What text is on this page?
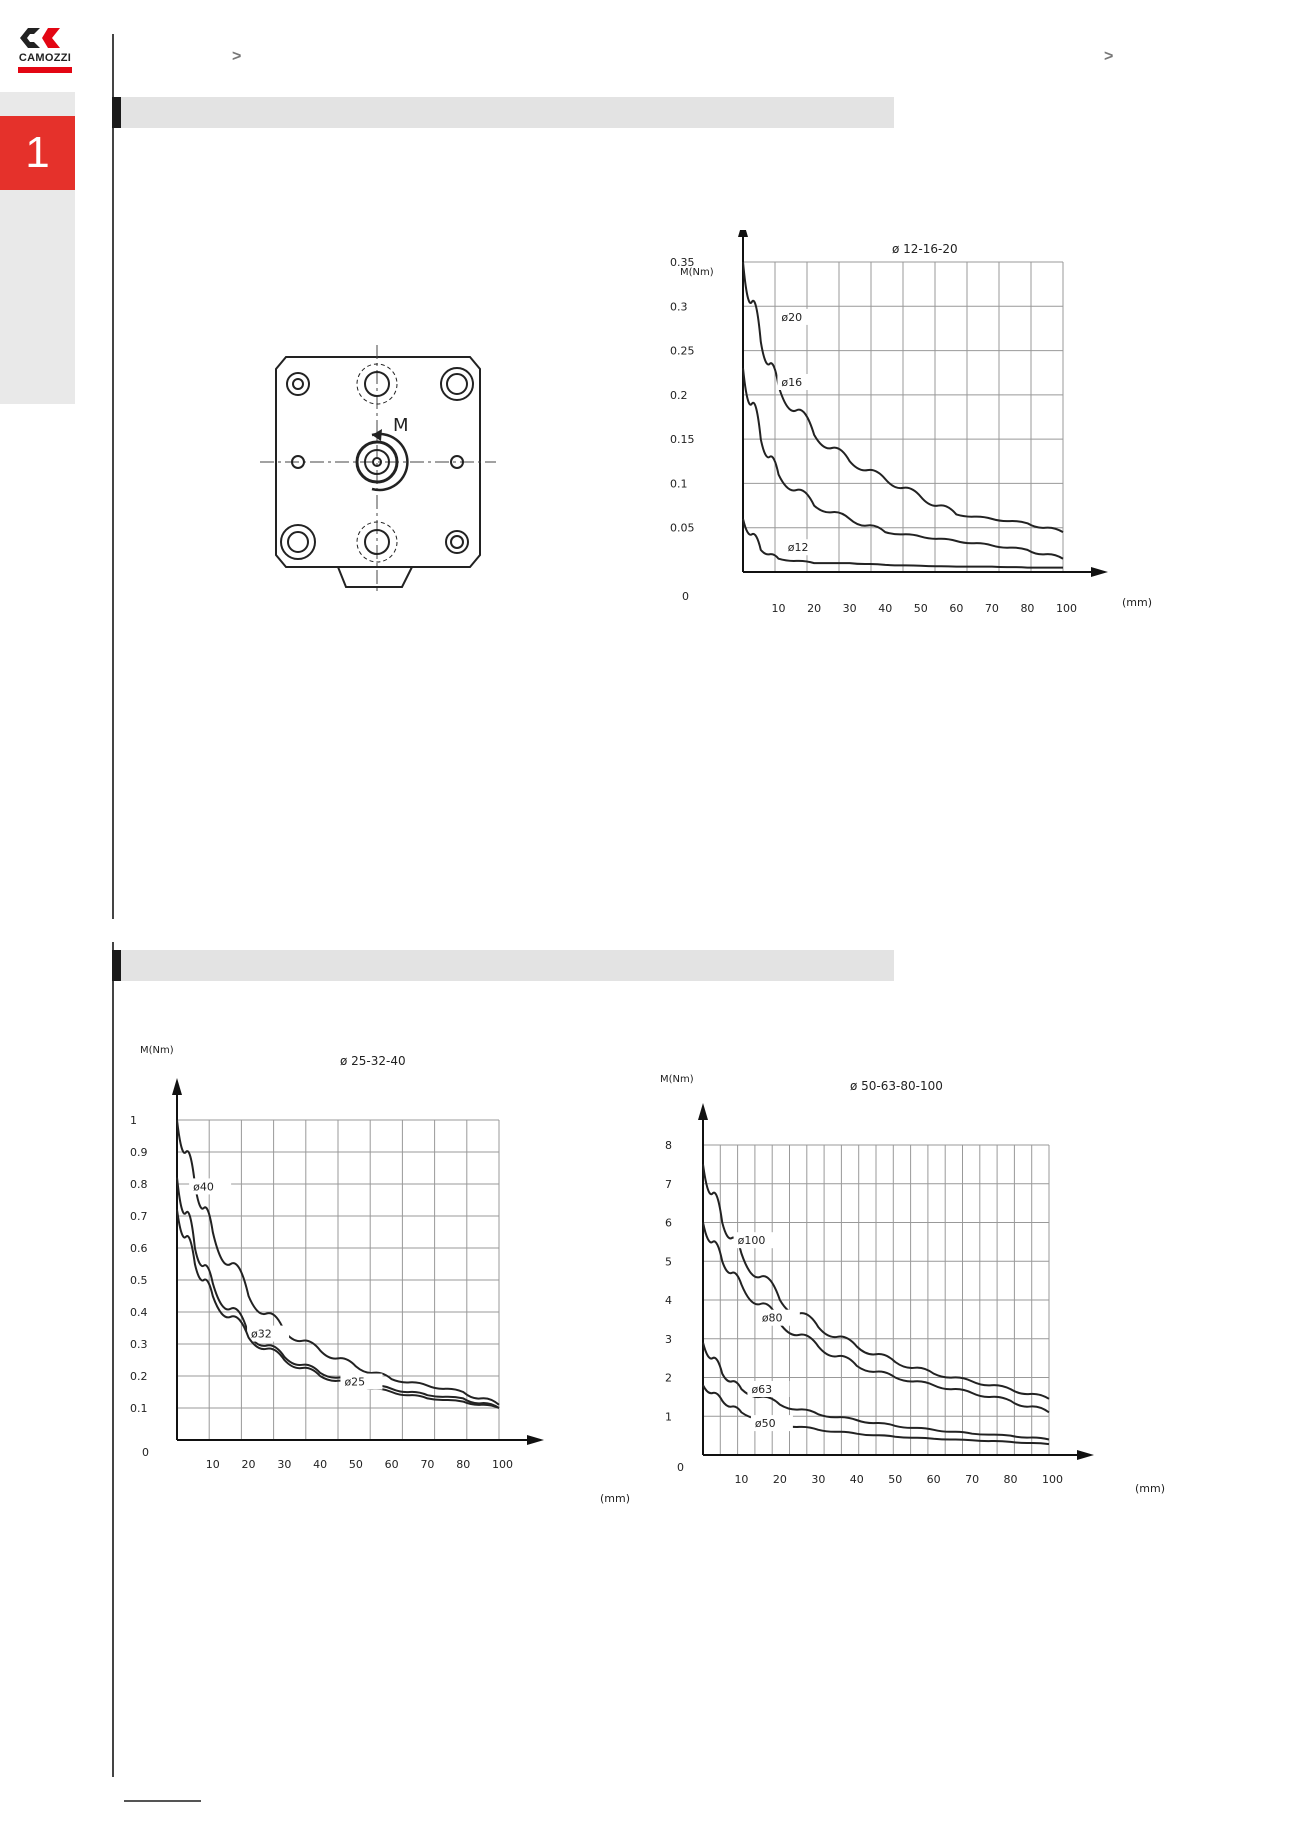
CAMOZZI
1
>	>
M
ø 12-16-20
M(Nm)
(mm)
0.35
0.3
0.25
0.2
0.15
0.1
0.05
0
10 20 30 40 50 60 70 80 100
ø20
ø16
ø12
ø 25-32-40
M(Nm)
(mm)
1
0.9
0.8
0.7
0.6
0.5
0.4
0.3
0.2
0.1
0
10 20 30 40 50 60 70 80 100
ø40
ø32
ø25
ø 50-63-80-100
M(Nm)
(mm)
8
7
6
5
4
3
2
1
0
10 20 30 40 50 60 70 80 100
ø100
ø80
ø63
ø50
